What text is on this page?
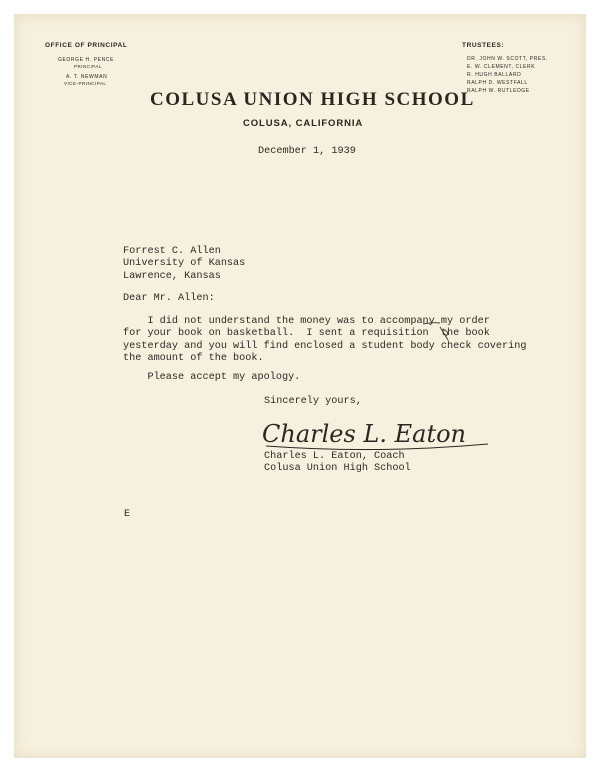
OFFICE OF PRINCIPAL
GEORGE H. PENCE
PRINCIPAL
A. T. NEWMAN
VICE-PRINCIPAL
TRUSTEES:
DR. JOHN W. SCOTT, PRES.
E. W. CLEMENT, CLERK
R. HUGH BALLARD
RALPH D. WESTFALL
RALPH W. RUTLEDGE
COLUSA UNION HIGH SCHOOL
COLUSA, CALIFORNIA
December 1, 1939
Forrest C. Allen
University of Kansas
Lawrence, Kansas
Dear Mr. Allen:
I did not understand the money was to accompany my order
for your book on basketball.  I sent a requisition  the book
yesterday and you will find enclosed a student body check covering
the amount of the book.
Please accept my apology.
Sincerely yours,
Charles L. Eaton
Charles L. Eaton, Coach
Colusa Union High School
E
